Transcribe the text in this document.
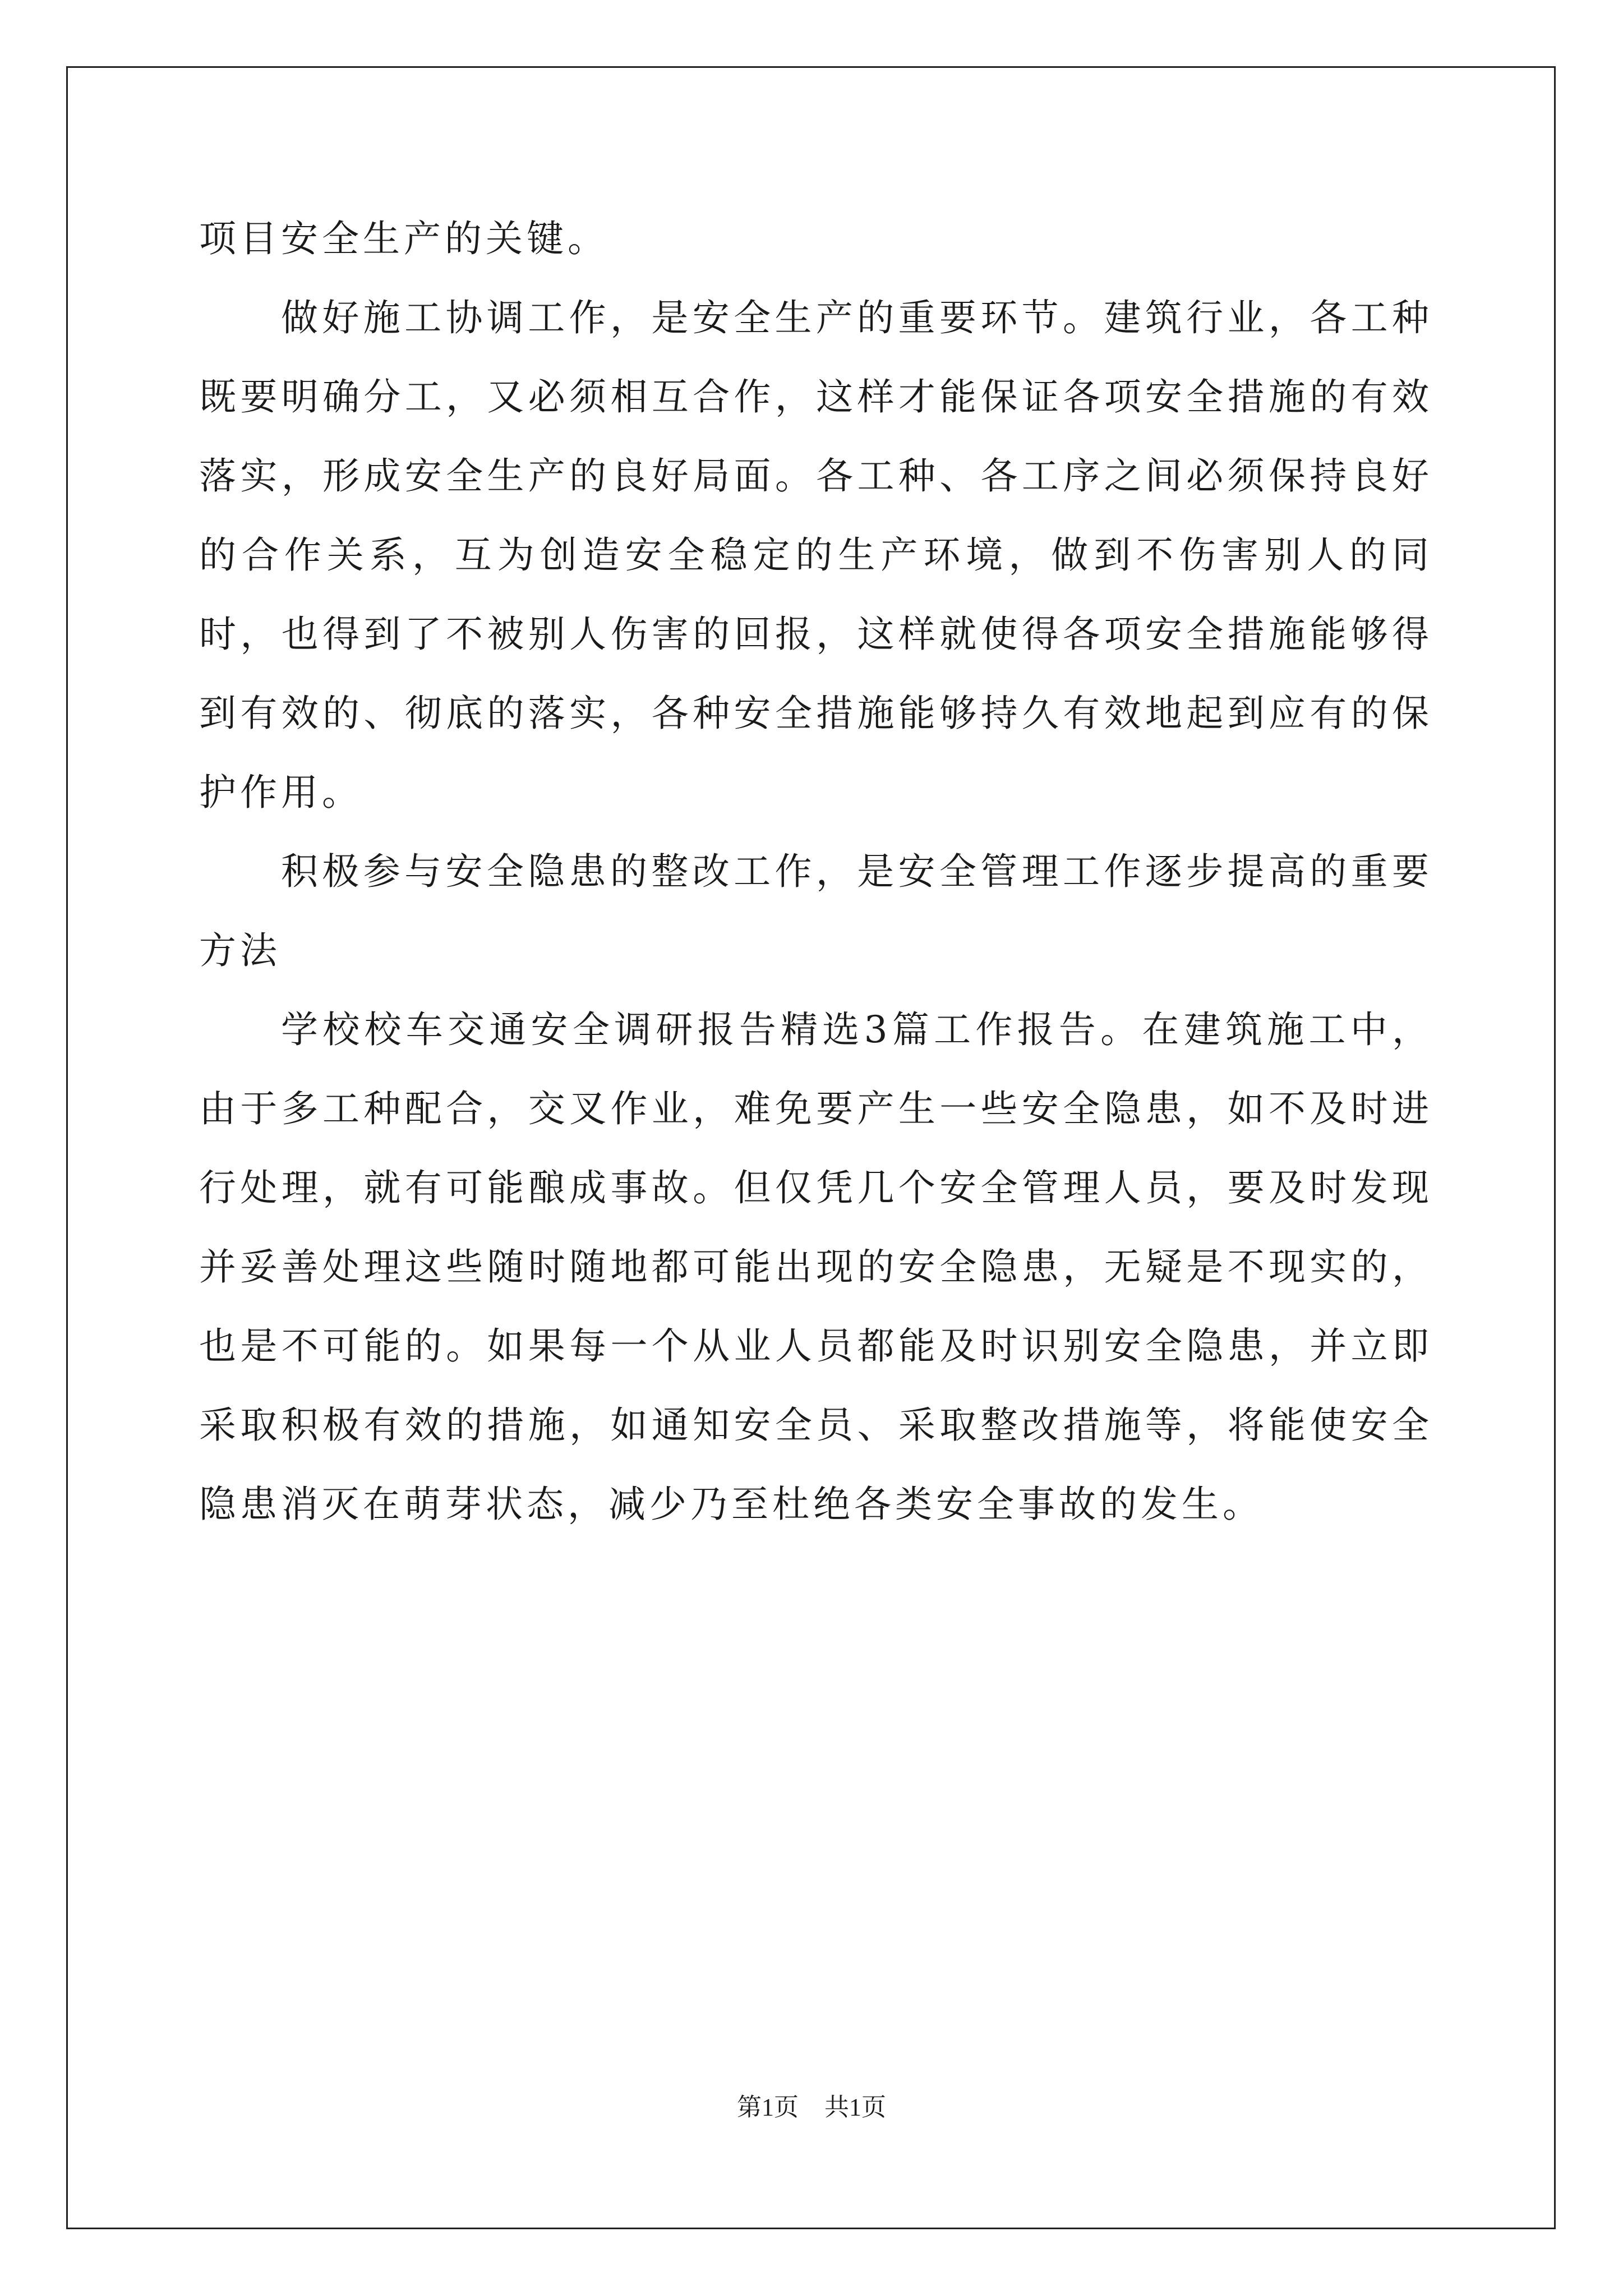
项目安全生产的关键。

做好施工协调工作，是安全生产的重要环节。建筑行业，各工种既要明确分工，又必须相互合作，这样才能保证各项安全措施的有效落实，形成安全生产的良好局面。各工种、各工序之间必须保持良好的合作关系，互为创造安全稳定的生产环境，做到不伤害别人的同时，也得到了不被别人伤害的回报，这样就使得各项安全措施能够得到有效的、彻底的落实，各种安全措施能够持久有效地起到应有的保护作用。

积极参与安全隐患的整改工作，是安全管理工作逐步提高的重要方法

学校校车交通安全调研报告精选3篇工作报告。在建筑施工中，由于多工种配合，交叉作业，难免要产生一些安全隐患，如不及时进行处理，就有可能酿成事故。但仅凭几个安全管理人员，要及时发现并妥善处理这些随时随地都可能出现的安全隐患，无疑是不现实的，也是不可能的。如果每一个从业人员都能及时识别安全隐患，并立即采取积极有效的措施，如通知安全员、采取整改措施等，将能使安全隐患消灭在萌芽状态，减少乃至杜绝各类安全事故的发生。

第1页 共1页
